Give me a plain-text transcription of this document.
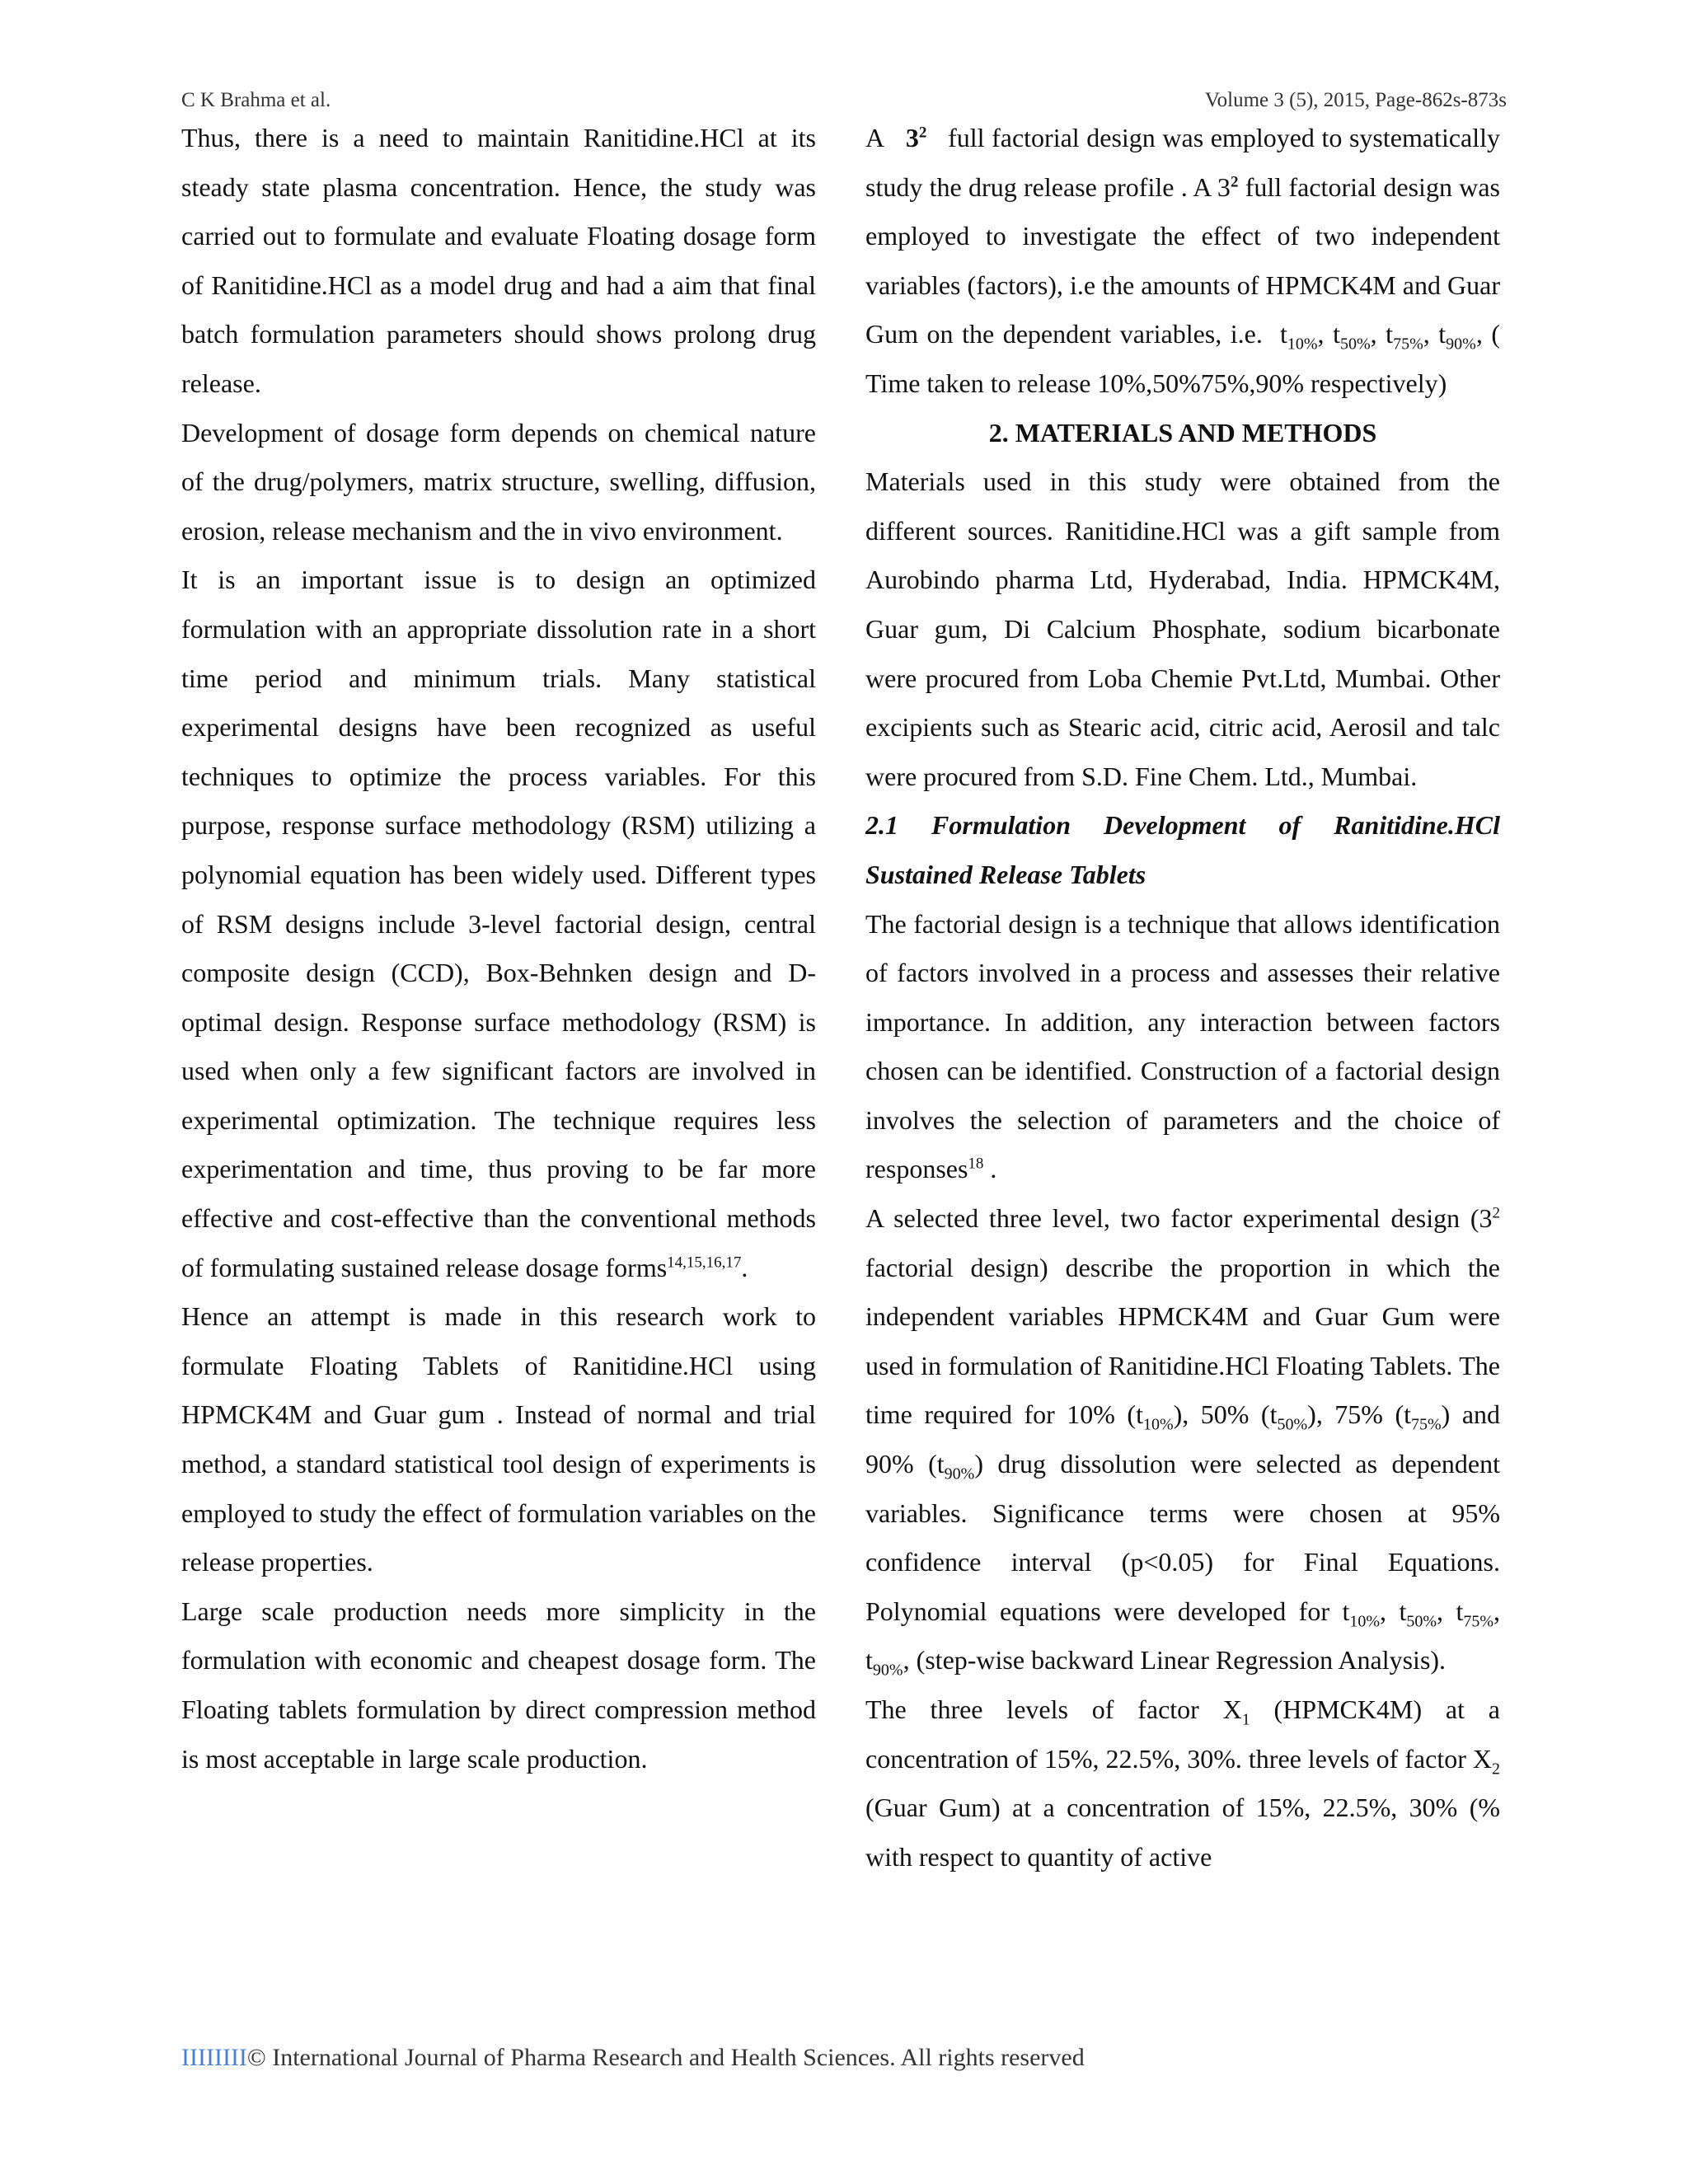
C K Brahma et al.	Volume 3 (5), 2015, Page-862s-873s

Thus, there is a need to maintain Ranitidine.HCl at its steady state plasma concentration. Hence, the study was carried out to formulate and evaluate Floating dosage form of Ranitidine.HCl as a model drug and had a aim that final batch formulation parameters should shows prolong drug release.

Development of dosage form depends on chemical nature of the drug/polymers, matrix structure, swelling, diffusion, erosion, release mechanism and the in vivo environment.

It is an important issue is to design an optimized formulation with an appropriate dissolution rate in a short time period and minimum trials. Many statistical experimental designs have been recognized as useful techniques to optimize the process variables. For this purpose, response surface methodology (RSM) utilizing a polynomial equation has been widely used. Different types of RSM designs include 3-level factorial design, central composite design (CCD), Box-Behnken design and D-optimal design. Response surface methodology (RSM) is used when only a few significant factors are involved in experimental optimization. The technique requires less experimentation and time, thus proving to be far more effective and cost-effective than the conventional methods of formulating sustained release dosage forms$^{14,15,16,17}$.

Hence an attempt is made in this research work to formulate Floating Tablets of Ranitidine.HCl using HPMCK4M and Guar gum . Instead of normal and trial method, a standard statistical tool design of experiments is employed to study the effect of formulation variables on the release properties.

Large scale production needs more simplicity in the formulation with economic and cheapest dosage form. The Floating tablets formulation by direct compression method is most acceptable in large scale production.

A $3^2$ full factorial design was employed to systematically study the drug release profile . A $3^2$ full factorial design was employed to investigate the effect of two independent variables (factors), i.e the amounts of HPMCK4M and Guar Gum on the dependent variables, i.e. $t_{10\%}$, $t_{50\%}$, $t_{75\%}$, $t_{90\%}$, ( Time taken to release 10%,50%75%,90% respectively)

2. MATERIALS AND METHODS

Materials used in this study were obtained from the different sources. Ranitidine.HCl was a gift sample from Aurobindo pharma Ltd, Hyderabad, India. HPMCK4M, Guar gum, Di Calcium Phosphate, sodium bicarbonate were procured from Loba Chemie Pvt.Ltd, Mumbai. Other excipients such as Stearic acid, citric acid, Aerosil and talc were procured from S.D. Fine Chem. Ltd., Mumbai.

2.1 Formulation Development of Ranitidine.HCl Sustained Release Tablets

The factorial design is a technique that allows identification of factors involved in a process and assesses their relative importance. In addition, any interaction between factors chosen can be identified. Construction of a factorial design involves the selection of parameters and the choice of responses$^{18}$ .

A selected three level, two factor experimental design ($3^2$ factorial design) describe the proportion in which the independent variables HPMCK4M and Guar Gum were used in formulation of Ranitidine.HCl Floating Tablets. The time required for 10% $(t_{10\%})$, 50% $(t_{50\%})$, 75% $(t_{75\%})$ and 90% $(t_{90\%})$ drug dissolution were selected as dependent variables. Significance terms were chosen at 95% confidence interval (p<0.05) for Final Equations. Polynomial equations were developed for $t_{10\%}$, $t_{50\%}$, $t_{75\%}$, $t_{90\%}$, (step-wise backward Linear Regression Analysis).

The three levels of factor $X_1$ (HPMCK4M) at a concentration of 15%, 22.5%, 30%. three levels of factor $X_2$ (Guar Gum) at a concentration of 15%, 22.5%, 30% (% with respect to quantity of active

IIIIIIII© International Journal of Pharma Research and Health Sciences. All rights reserved
